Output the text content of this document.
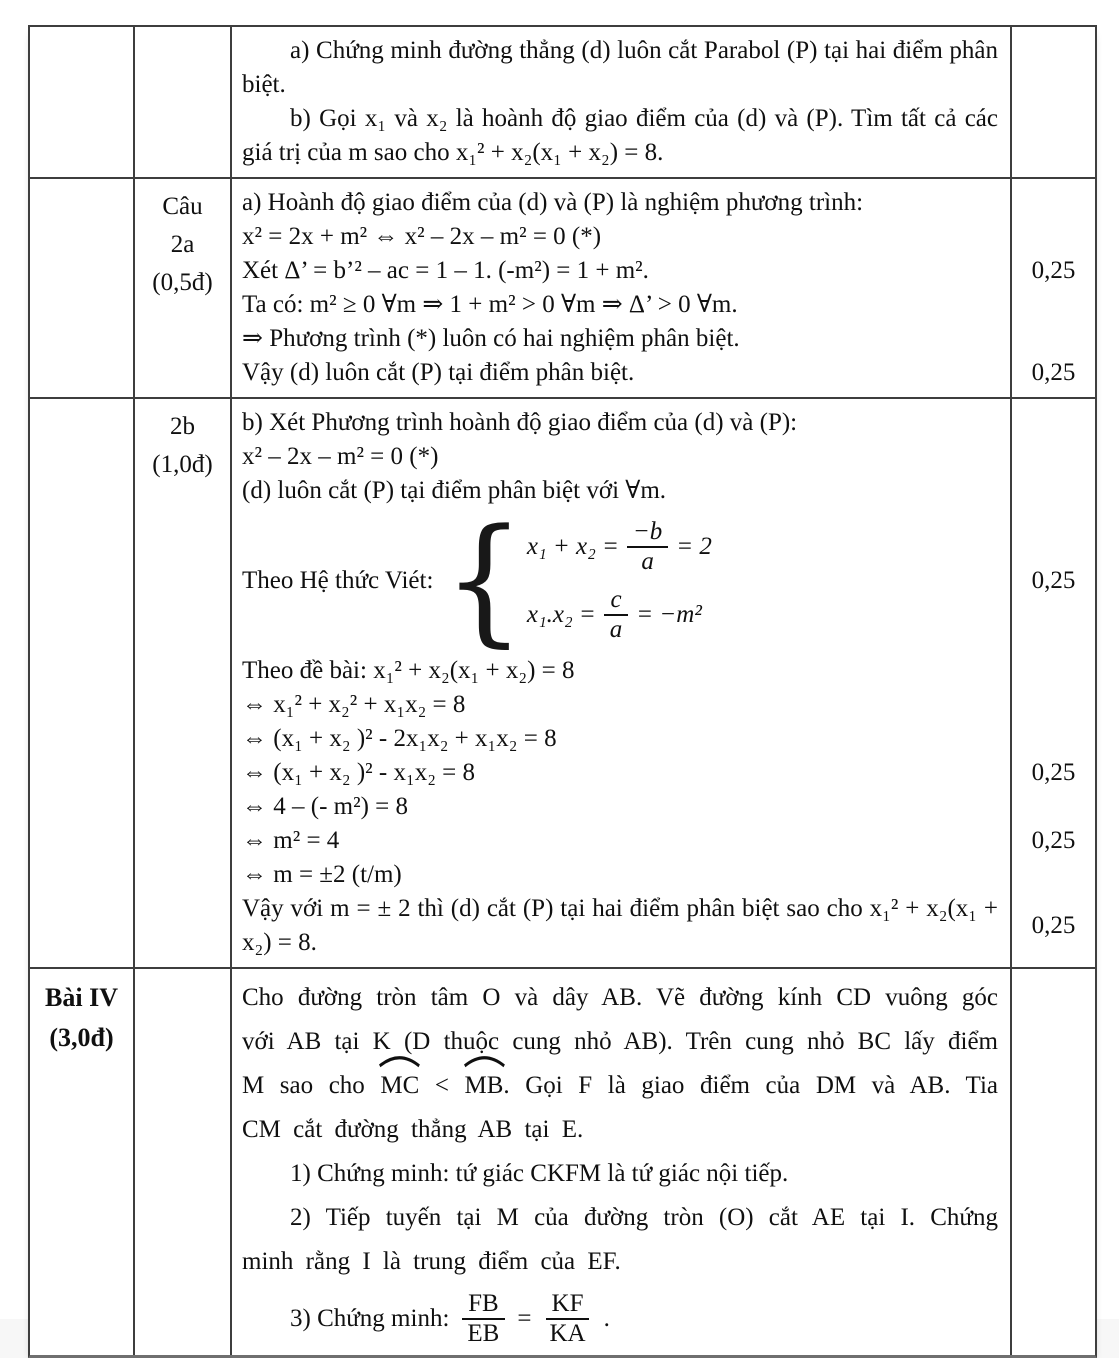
a) Chứng minh đường thẳng (d) luôn cắt Parabol (P) tại hai điểm phân biệt.
b) Gọi x₁ và x₂ là hoành độ giao điểm của (d) và (P). Tìm tất cả các giá trị của m sao cho x₁² + x₂(x₁ + x₂) = 8.
Câu
2a
(0,5đ)
a) Hoành độ giao điểm của (d) và (P) là nghiệm phương trình:
x² = 2x + m² ⇔ x² – 2x – m² = 0 (*)
Xét Δ’ = b’² – ac = 1 – 1. (-m²) = 1 + m².
Ta có: m² ≥ 0 ∀m ⇒ 1 + m² > 0 ∀m ⇒ Δ’ > 0 ∀m.
⇒ Phương trình (*) luôn có hai nghiệm phân biệt.
Vậy (d) luôn cắt (P) tại điểm phân biệt.
0,25
0,25
2b
(1,0đ)
b) Xét Phương trình hoành độ giao điểm của (d) và (P):
x² – 2x – m² = 0 (*)
(d) luôn cắt (P) tại điểm phân biệt với ∀m.
Theo Hệ thức Viét: { $x_1 + x_2 = \frac{-b}{a} = 2$
$x_1.x_2 = \frac{c}{a} = -m^2$
Theo đề bài: x₁² + x₂(x₁ + x₂) = 8
⇔ x₁² + x₂² + x₁x₂ = 8
⇔ (x₁ + x₂ )² - 2x₁x₂ + x₁x₂ = 8
⇔ (x₁ + x₂ )² - x₁x₂ = 8
⇔ 4 – (- m²) = 8
⇔ m² = 4
⇔ m = ±2 (t/m)
Vậy với m = ± 2 thì (d) cắt (P) tại hai điểm phân biệt sao cho x₁² + x₂(x₁ + x₂) = 8.
0,25
0,25
0,25
0,25
Bài IV
(3,0đ)
Cho đường tròn tâm O và dây AB. Vẽ đường kính CD vuông góc với AB tại K (D thuộc cung nhỏ AB). Trên cung nhỏ BC lấy điểm M sao cho
MC <
MB. Gọi F là giao điểm của DM và AB. Tia CM cắt đường thẳng AB tại E.
1) Chứng minh: tứ giác CKFM là tứ giác nội tiếp.
2) Tiếp tuyến tại M của đường tròn (O) cắt AE tại I. Chứng minh rằng I là trung điểm của EF.
3) Chứng minh: $\frac{FB}{EB} = \frac{KF}{KA}$ .
